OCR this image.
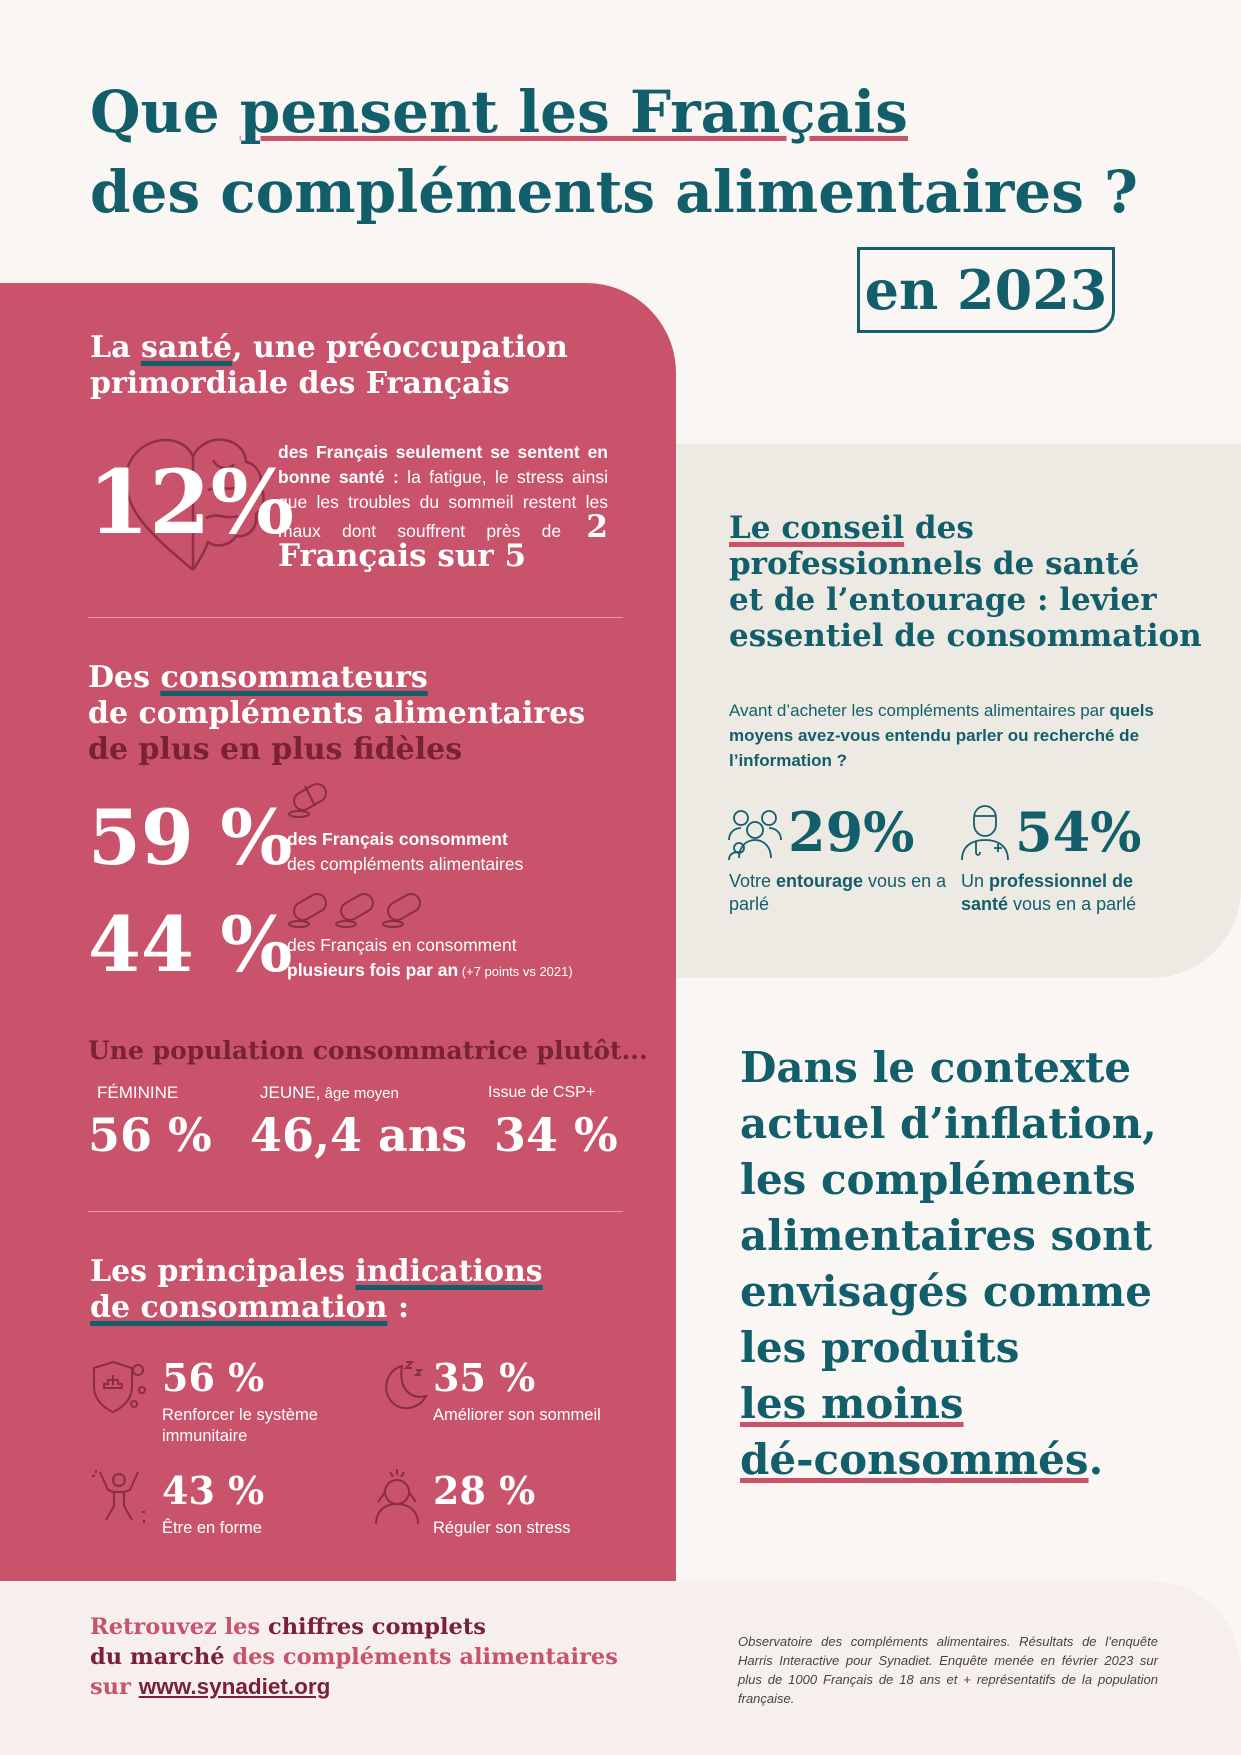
Que pensent les Français
des compléments alimentaires ?
en 2023
La santé, une préoccupation
primordiale des Français
12%
des Français seulement se sentent en bonne santé : la fatigue, le stress ainsi que les troubles du sommeil restent les maux dont souffrent près de 2 Français sur 5
Des consommateurs
de compléments alimentaires
de plus en plus fidèles
59 %
des Français consomment
des compléments alimentaires
44 %
des Français en consomment
plusieurs fois par an (+7 points vs 2021)
Une population consommatrice plutôt...
FÉMININE
56 %
JEUNE, âge moyen
46,4 ans
Issue de CSP+
34 %
Les principales indications
de consommation :
56 %
Renforcer le système immunitaire
35 %
Améliorer son sommeil
43 %
Être en forme
28 %
Réguler son stress
Le conseil des
professionnels de santé
et de l’entourage : levier
essentiel de consommation
Avant d’acheter les compléments alimentaires par quels moyens avez-vous entendu parler ou recherché de l’information ?
29%
Votre entourage vous en a parlé
54%
Un professionnel de santé vous en a parlé
Dans le contexte
actuel d’inflation,
les compléments
alimentaires sont
envisagés comme
les produits
les moins
dé-consommés.
Retrouvez les chiffres complets
du marché des compléments alimentaires
sur www.synadiet.org
Observatoire des compléments alimentaires. Résultats de l’enquête Harris Interactive pour Synadiet. Enquête menée en février 2023 sur plus de 1000 Français de 18 ans et + représentatifs de la population française.
